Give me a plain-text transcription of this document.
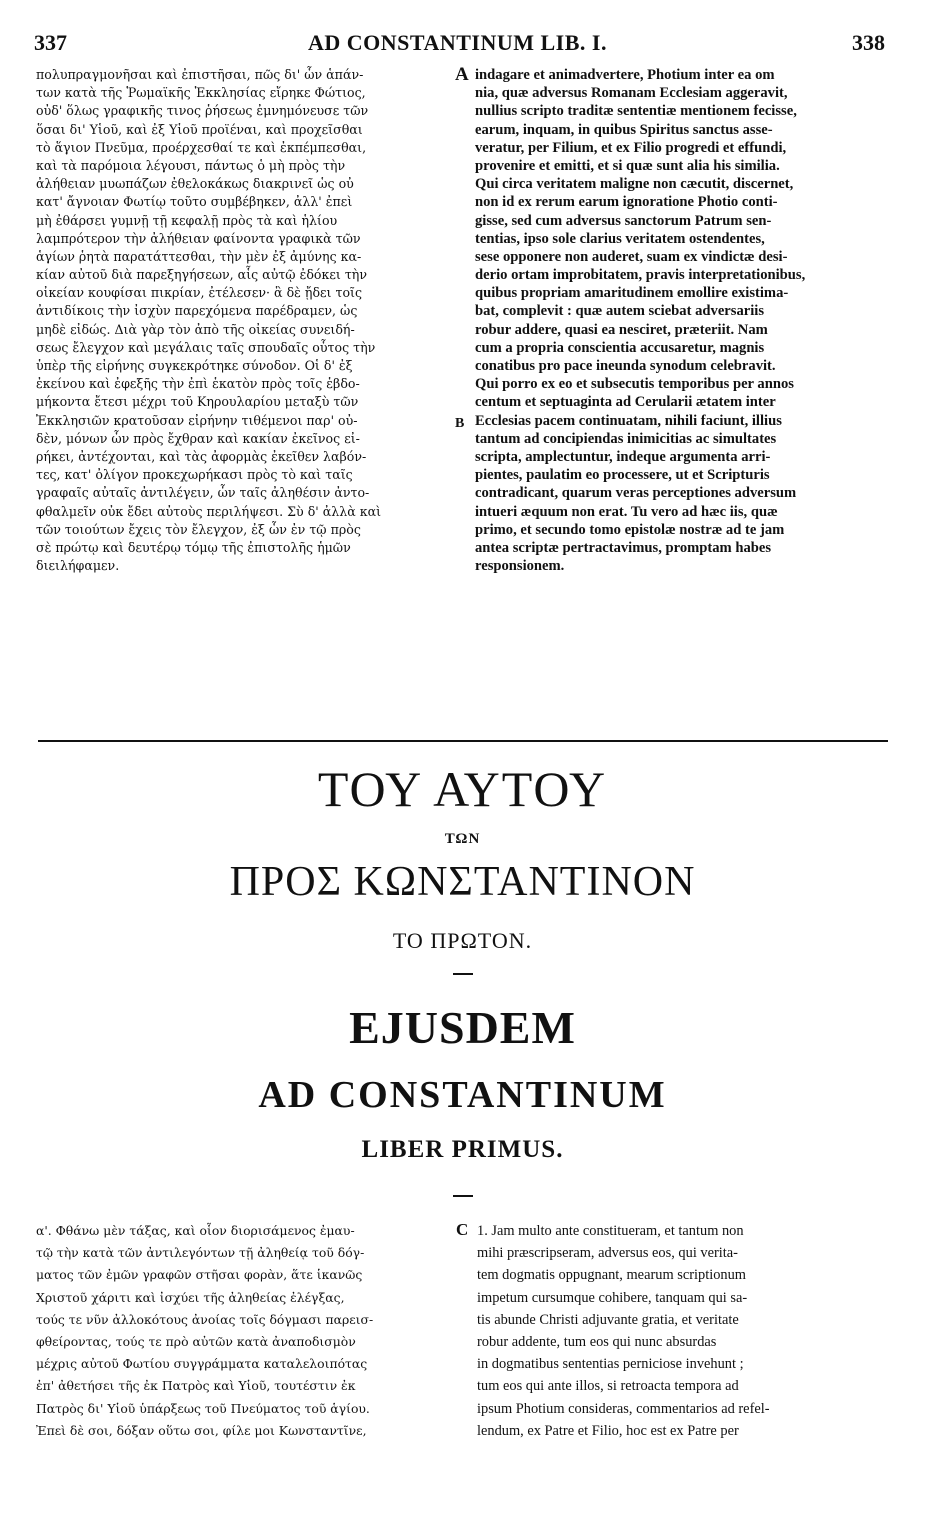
337	AD CONSTANTINUM LIB. I.	338
πολυπραγμονῆσαι καὶ ἐπιστῆσαι, πῶς δι' ὧν ἁπάν-
των κατὰ τῆς Ῥωμαϊκῆς Ἐκκλησίας εἴρηκε Φώτιος,
οὐδ' ὅλως γραφικῆς τινος ῥήσεως ἐμνημόνευσε τῶν
ὅσαι δι' Υἱοῦ, καὶ ἐξ Υἱοῦ προϊέναι, καὶ προχεῖσθαι
τὸ ἅγιον Πνεῦμα, προέρχεσθαί τε καὶ ἐκπέμπεσθαι,
καὶ τὰ παρόμοια λέγουσι, πάντως ὁ μὴ πρὸς τὴν
ἀλήθειαν μυωπάζων ἐθελοκάκως διακρινεῖ ὡς οὐ
κατ' ἄγνοιαν Φωτίῳ τοῦτο συμβέβηκεν, ἀλλ' ἐπεὶ
μὴ ἐθάρσει γυμνῇ τῇ κεφαλῇ πρὸς τὰ καὶ ἡλίου
λαμπρότερον τὴν ἀλήθειαν φαίνοντα γραφικὰ τῶν
ἁγίων ῥητὰ παρατάττεσθαι, τὴν μὲν ἐξ ἀμύνης κα-
κίαν αὐτοῦ διὰ παρεξηγήσεων, αἷς αὐτῷ ἐδόκει τὴν
οἰκείαν κουφίσαι πικρίαν, ἐτέλεσεν· ἃ δὲ ᾔδει τοῖς
ἀντιδίκοις τὴν ἰσχὺν παρεχόμενα παρέδραμεν, ὡς
μηδὲ εἰδώς. Διὰ γὰρ τὸν ἀπὸ τῆς οἰκείας συνειδή-
σεως ἔλεγχον καὶ μεγάλαις ταῖς σπουδαῖς οὗτος τὴν
ὑπὲρ τῆς εἰρήνης συγκεκρότηκε σύνοδον. Οἱ δ' ἐξ
ἐκείνου καὶ ἐφεξῆς τὴν ἐπὶ ἑκατὸν πρὸς τοῖς ἑβδο-
μήκοντα ἔτεσι μέχρι τοῦ Κηρουλαρίου μεταξὺ τῶν
Ἐκκλησιῶν κρατοῦσαν εἰρήνην τιθέμενοι παρ' οὐ-
δὲν, μόνων ὧν πρὸς ἔχθραν καὶ κακίαν ἐκεῖνος εἰ-
ρήκει, ἀντέχονται, καὶ τὰς ἀφορμὰς ἐκεῖθεν λαβόν-
τες, κατ' ὀλίγον προκεχωρήκασι πρὸς τὸ καὶ ταῖς
γραφαῖς αὐταῖς ἀντιλέγειν, ὧν ταῖς ἀληθέσιν ἀντο-
φθαλμεῖν οὐκ ἔδει αὐτοὺς περιλήψεσι. Σὺ δ' ἀλλὰ καὶ
τῶν τοιούτων ἔχεις τὸν ἔλεγχον, ἐξ ὧν ἐν τῷ πρὸς
σὲ πρώτῳ καὶ δευτέρῳ τόμῳ τῆς ἐπιστολῆς ἡμῶν
διειλήφαμεν.
indagare et animadvertere, Photium inter ea om
nia, quæ adversus Romanam Ecclesiam aggeravit,
nullius scripto traditæ sententiæ mentionem fecisse,
earum, inquam, in quibus Spiritus sanctus asse-
veratur, per Filium, et ex Filio progredi et effundi,
provenire et emitti, et si quæ sunt alia his similia.
Qui circa veritatem maligne non cæcutit, discernet,
non id ex rerum earum ignoratione Photio conti-
gisse, sed cum adversus sanctorum Patrum sen-
tentias, ipso sole clarius veritatem ostendentes,
sese opponere non auderet, suam ex vindictæ desi-
derio ortam improbitatem, pravis interpretationibus,
quibus propriam amaritudinem emollire existima-
bat, complevit : quæ autem sciebat adversariis
robur addere, quasi ea nesciret, præteriit. Nam
cum a propria conscientia accusaretur, magnis
conatibus pro pace ineunda synodum celebravit.
Qui porro ex eo et subsecutis temporibus per annos
centum et septuaginta ad Cerularii ætatem inter
Ecclesias pacem continuatam, nihili faciunt, illius
tantum ad concipiendas inimicitias ac simultates
scripta, amplectuntur, indeque argumenta arri-
pientes, paulatim eo processere, ut et Scripturis
contradicant, quarum veras perceptiones adversum
intueri æquum non erat. Tu vero ad hæc iis, quæ
primo, et secundo tomo epistolæ nostræ ad te jam
antea scriptæ pertractavimus, promptam habes
responsionem.
A
B
ΤΟΥ ΑΥΤΟΥ
ΤΩΝ
ΠΡΟΣ ΚΩΝΣΤΑΝΤΙΝΟΝ
ΤΟ ΠΡΩΤΟΝ.
EJUSDEM
AD CONSTANTINUM
LIBER PRIMUS.
α'. Φθάνω μὲν τάξας, καὶ οἷον διορισάμενος ἐμαυ-
τῷ τὴν κατὰ τῶν ἀντιλεγόντων τῇ ἀληθείᾳ τοῦ δόγ-
ματος τῶν ἐμῶν γραφῶν στῆσαι φορὰν, ἅτε ἱκανῶς
Χριστοῦ χάριτι καὶ ἰσχύει τῆς ἀληθείας ἐλέγξας,
τούς τε νῦν ἀλλοκότους ἀνοίας τοῖς δόγμασι παρεισ-
φθείροντας, τούς τε πρὸ αὐτῶν κατὰ ἀναποδισμὸν
μέχρις αὐτοῦ Φωτίου συγγράμματα καταλελοιπότας
ἐπ' ἀθετήσει τῆς ἐκ Πατρὸς καὶ Υἱοῦ, τουτέστιν ἐκ
Πατρὸς δι' Υἱοῦ ὑπάρξεως τοῦ Πνεύματος τοῦ ἁγίου.
Ἐπεὶ δὲ σοι, δόξαν οὕτω σοι, φίλε μοι Κωνσταντῖνε,
1. Jam multo ante constitueram, et tantum non
mihi præscripseram, adversus eos, qui verita-
tem dogmatis oppugnant, mearum scriptionum
impetum cursumque cohibere, tanquam qui sa-
tis abunde Christi adjuvante gratia, et veritate
robur addente, tum eos qui nunc absurdas
in dogmatibus sententias perniciose invehunt ;
tum eos qui ante illos, si retroacta tempora ad
ipsum Photium consideras, commentarios ad refel-
lendum, ex Patre et Filio, hoc est ex Patre per
C
